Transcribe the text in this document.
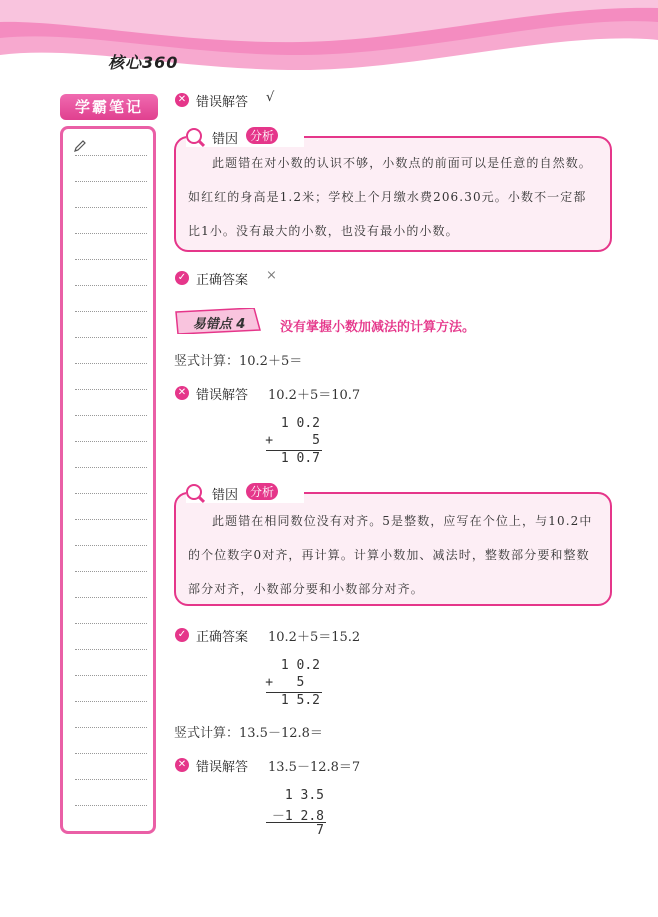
核心360
学霸笔记	✕ 错误解答 √

此题错在对小数的认识不够，小数点的前面可以是任意的自然数。如红红的身高是1.2米；学校上个月缴水费206.30元。小数不一定都比1小。没有最大的小数，也没有最小的小数。

错因 分析
✓ 正确答案 ×
易错点 4	没有掌握小数加减法的计算方法。
竖式计算：10.2＋5＝
✕ 错误解答 10.2＋5＝10.7
1 0.2
+     5
1 0.7

此题错在相同数位没有对齐。5是整数，应写在个位上，与10.2中的个位数字0对齐，再计算。计算小数加、减法时，整数部分要和整数部分对齐，小数部分要和小数部分对齐。

错因 分析
✓ 正确答案 10.2＋5＝15.2
1 0.2
+   5
1 5.2
竖式计算：13.5－12.8＝
✕ 错误解答 13.5－12.8＝7
1 3.5
－1 2.8
7
